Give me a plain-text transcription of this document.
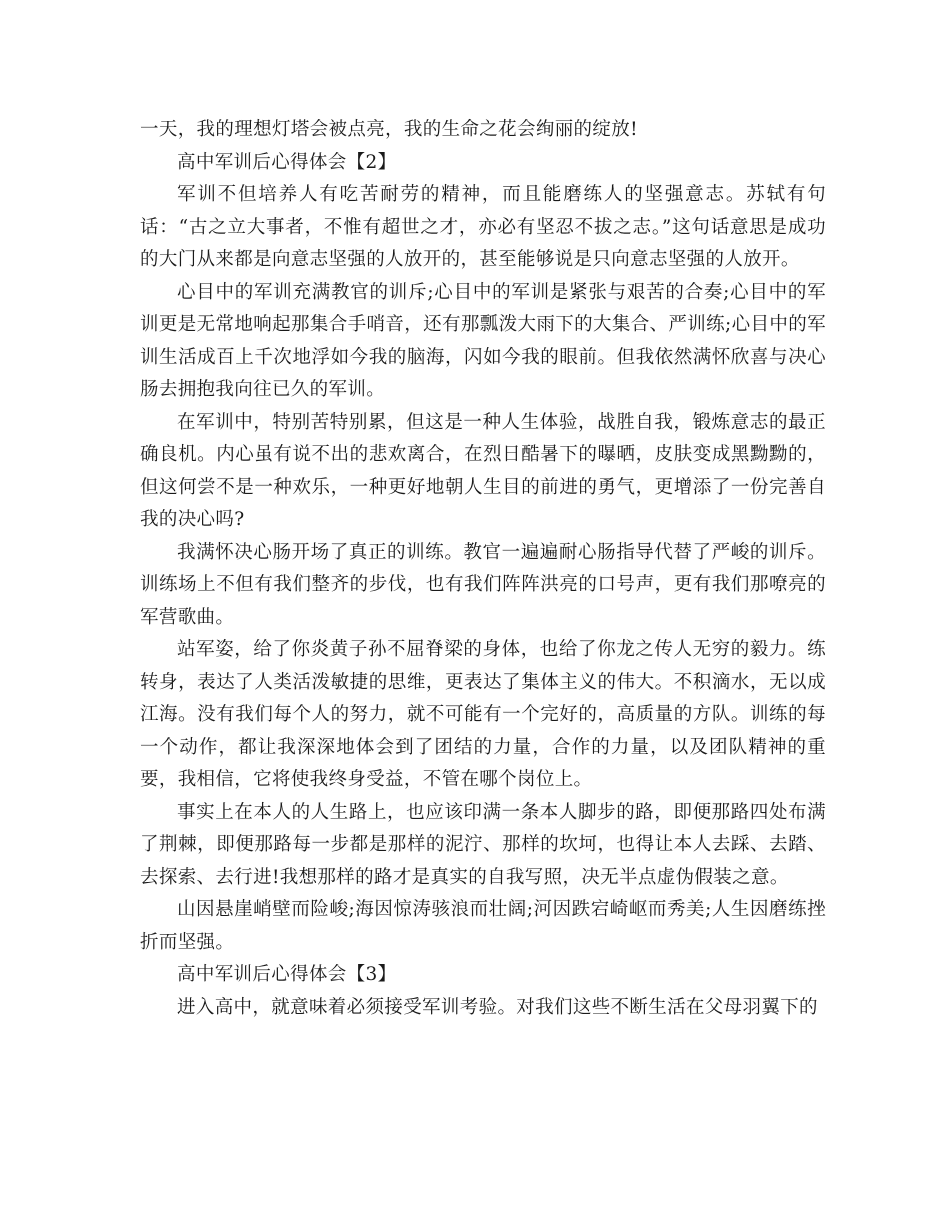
一天，我的理想灯塔会被点亮，我的生命之花会绚丽的绽放!

高中军训后心得体会【2】

军训不但培养人有吃苦耐劳的精神，而且能磨练人的坚强意志。苏轼有句话：“古之立大事者，不惟有超世之才，亦必有坚忍不拔之志。”这句话意思是成功的大门从来都是向意志坚强的人放开的，甚至能够说是只向意志坚强的人放开。

心目中的军训充满教官的训斥;心目中的军训是紧张与艰苦的合奏;心目中的军训更是无常地响起那集合手哨音，还有那瓢泼大雨下的大集合、严训练;心目中的军训生活成百上千次地浮如今我的脑海，闪如今我的眼前。但我依然满怀欣喜与决心肠去拥抱我向往已久的军训。

在军训中，特别苦特别累，但这是一种人生体验，战胜自我，锻炼意志的最正确良机。内心虽有说不出的悲欢离合，在烈日酷暑下的曝晒，皮肤变成黑黝黝的，但这何尝不是一种欢乐，一种更好地朝人生目的前进的勇气，更增添了一份完善自我的决心吗?

我满怀决心肠开场了真正的训练。教官一遍遍耐心肠指导代替了严峻的训斥。训练场上不但有我们整齐的步伐，也有我们阵阵洪亮的口号声，更有我们那嘹亮的军营歌曲。

站军姿，给了你炎黄子孙不屈脊梁的身体，也给了你龙之传人无穷的毅力。练转身，表达了人类活泼敏捷的思维，更表达了集体主义的伟大。不积滴水，无以成江海。没有我们每个人的努力，就不可能有一个完好的，高质量的方队。训练的每一个动作，都让我深深地体会到了团结的力量，合作的力量，以及团队精神的重要，我相信，它将使我终身受益，不管在哪个岗位上。

事实上在本人的人生路上，也应该印满一条本人脚步的路，即便那路四处布满了荆棘，即便那路每一步都是那样的泥泞、那样的坎坷，也得让本人去踩、去踏、去探索、去行进!我想那样的路才是真实的自我写照，决无半点虚伪假装之意。

山因悬崖峭壁而险峻;海因惊涛骇浪而壮阔;河因跌宕崎岖而秀美;人生因磨练挫折而坚强。

高中军训后心得体会【3】

进入高中，就意味着必须接受军训考验。对我们这些不断生活在父母羽翼下的
